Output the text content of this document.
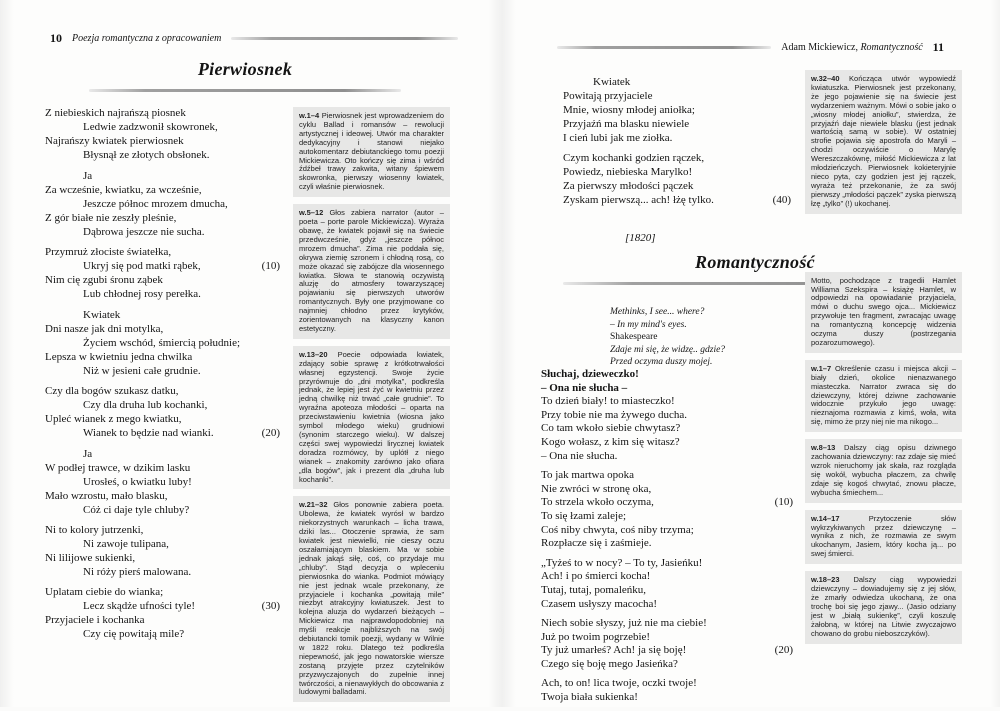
10 Poezja romantyczna z opracowaniem
Pierwiosnek
Z niebieskich najrańszą piosnek
Ledwie zadzwonił skowronek,
Najrańszy kwiatek pierwiosnek
Błysnął ze złotych obsłonek.
Ja
Za wcześnie, kwiatku, za wcześnie,
Jeszcze północ mrozem dmucha,
Z gór białe nie zeszły pleśnie,
Dąbrowa jeszcze nie sucha.
Przymruż złociste światełka,
Ukryj się pod matki rąbek,	(10)
Nim cię zgubi śronu ząbek
Lub chłodnej rosy perełka.
Kwiatek
Dni nasze jak dni motylka,
Życiem wschód, śmiercią południe;
Lepsza w kwietniu jedna chwilka
Niż w jesieni całe grudnie.
Czy dla bogów szukasz datku,
Czy dla druha lub kochanki,
Upleć wianek z mego kwiatku,
Wianek to będzie nad wianki.	(20)
Ja
W podłej trawce, w dzikim lasku
Urosłeś, o kwiatku luby!
Mało wzrostu, mało blasku,
Cóż ci daje tyle chluby?
Ni to kolory jutrzenki,
Ni zawoje tulipana,
Ni lilijowe sukienki,
Ni róży pierś malowana.
Uplatam ciebie do wianka;
Lecz skądże ufności tyle!	(30)
Przyjaciele i kochanka
Czy cię powitają mile?
w.1–4 Pierwiosnek jest wprowadzeniem do cyklu Ballad i romansów – rewolucji artystycznej i ideowej. Utwór ma charakter dedykacyjny i stanowi niejako autokomentarz debiutanckiego tomu poezji Mickiewicza. Oto kończy się zima i wśród źdźbeł trawy zakwita, witany śpiewem skowronka, pierwszy wiosenny kwiatek, czyli właśnie pierwiosnek.
w.5–12 Głos zabiera narrator (autor – poeta – porte parole Mickiewicza). Wyraża obawę, że kwiatek pojawił się na świecie przedwcześnie, gdyż „jeszcze północ mrozem dmucha”. Zima nie poddała się, okrywa ziemię szronem i chłodną rosą, co może okazać się zabójcze dla wiosennego kwiatka. Słowa te stanowią oczywistą aluzję do atmosfery towarzyszącej pojawianiu się pierwszych utworów romantycznych. Były one przyjmowane co najmniej chłodno przez krytyków, zorientowanych na klasyczny kanon estetyczny.
w.13–20 Poecie odpowiada kwiatek, zdający sobie sprawę z krótkotrwałości własnej egzystencji. Swoje życie przyrównuje do „dni motylka”, podkreśla jednak, że lepiej jest żyć w kwietniu przez jedną chwilkę niż trwać „całe grudnie”. To wyraźna apoteoza młodości – oparta na przeciwstawieniu kwietnia (wiosna jako symbol młodego wieku) grudniowi (synonim starczego wieku). W dalszej części swej wypowiedzi lirycznej kwiatek doradza rozmówcy, by uplótł z niego wianek – znakomity zarówno jako ofiara „dla bogów”, jak i prezent dla „druha lub kochanki”.
w.21–32 Głos ponownie zabiera poeta. Ubolewa, że kwiatek wyrósł w bardzo niekorzystnych warunkach – licha trawa, dziki las... Otoczenie sprawia, że sam kwiatek jest niewielki, nie cieszy oczu oszałamiającym blaskiem. Ma w sobie jednak jakąś siłę, coś, co przydaje mu „chluby”. Stąd decyzja o wpleceniu pierwiosnka do wianka. Podmiot mówiący nie jest jednak wcale przekonany, że przyjaciele i kochanka „powitają mile” niezbyt atrakcyjny kwiatuszek. Jest to kolejna aluzja do wydarzeń bieżących – Mickiewicz ma najprawdopodobniej na myśli reakcje najbliższych na swój debiutancki tomik poezji, wydany w Wilnie w 1822 roku. Dlatego też podkreśla niepewność, jak jego nowatorskie wiersze zostaną przyjęte przez czytelników przyzwyczajonych do zupełnie innej twórczości, a nienawykłych do obcowania z ludowymi balladami.
Adam Mickiewicz, Romantyczność 11
Kwiatek
Powitają przyjaciele
Mnie, wiosny młodej aniołka;
Przyjaźń ma blasku niewiele
I cień lubi jak me ziołka.
Czym kochanki godzien rączek,
Powiedz, niebieska Marylko!
Za pierwszy młodości pączek
Zyskam pierwszą... ach! łżę tylko.	(40)
[1820]
Romantyczność
Methinks, I see... where?
– In my mind's eyes.
Shakespeare
Zdaje mi się, że widzę.. gdzie?
Przed oczyma duszy mojej.
Słuchaj, dzieweczko!
– Ona nie słucha –
To dzień biały! to miasteczko!
Przy tobie nie ma żywego ducha.
Co tam wkoło siebie chwytasz?
Kogo wołasz, z kim się witasz?
– Ona nie słucha.
To jak martwa opoka
Nie zwróci w stronę oka,
To strzela wkoło oczyma,	(10)
To się łzami zaleje;
Coś niby chwyta, coś niby trzyma;
Rozpłacze się i zaśmieje.
„Tyżeś to w nocy? – To ty, Jasieńku!
Ach! i po śmierci kocha!
Tutaj, tutaj, pomaleńku,
Czasem usłyszy macocha!
Niech sobie słyszy, już nie ma ciebie!
Już po twoim pogrzebie!
Ty już umarłeś? Ach! ja się boję!	(20)
Czego się boję mego Jasieńka?
Ach, to on! lica twoje, oczki twoje!
Twoja biała sukienka!
w.32–40 Kończąca utwór wypowiedź kwiatuszka. Pierwiosnek jest przekonany, że jego pojawienie się na świecie jest wydarzeniem ważnym. Mówi o sobie jako o „wiosny młodej aniołku”, stwierdza, że przyjaźń daje niewiele blasku (jest jednak wartością samą w sobie). W ostatniej strofie pojawia się apostrofa do Maryli – chodzi oczywiście o Marylę Wereszczakównę, miłość Mickiewicza z lat młodzieńczych. Pierwiosnek kokieteryjnie nieco pyta, czy godzien jest jej rączek, wyraża też przekonanie, że za swój pierwszy „młodości pączek” zyska pierwszą łzę „tylko” (!) ukochanej.
Motto, pochodzące z tragedii Hamlet Williama Szekspira – książę Hamlet, w odpowiedzi na opowiadanie przyjaciela, mówi o duchu swego ojca... Mickiewicz przywołuje ten fragment, zwracając uwagę na romantyczną koncepcję widzenia oczyma duszy (postrzegania pozarozumowego).
w.1–7 Określenie czasu i miejsca akcji – biały dzień, okolice nienazwanego miasteczka. Narrator zwraca się do dziewczyny, której dziwne zachowanie widocznie przykuło jego uwagę: nieznajoma rozmawia z kimś, woła, wita się, mimo że przy niej nie ma nikogo...
w.8–13 Dalszy ciąg opisu dziwnego zachowania dziewczyny: raz zdaje się mieć wzrok nieruchomy jak skała, raz rozgląda się wokół, wybucha płaczem, za chwilę zdaje się kogoś chwytać, znowu płacze, wybucha śmiechem...
w.14–17 Przytoczenie słów wykrzykiwanych przez dziewczynę – wynika z nich, że rozmawia ze swym ukochanym, Jasiem, który kocha ją... po swej śmierci.
w.18–23 Dalszy ciąg wypowiedzi dziewczyny – dowiadujemy się z jej słów, że zmarły odwiedza ukochaną, że ona trochę boi się jego zjawy... (Jasio odziany jest w „białą sukienkę”, czyli koszulę żałobną, w której na Litwie zwyczajowo chowano do grobu nieboszczyków).
